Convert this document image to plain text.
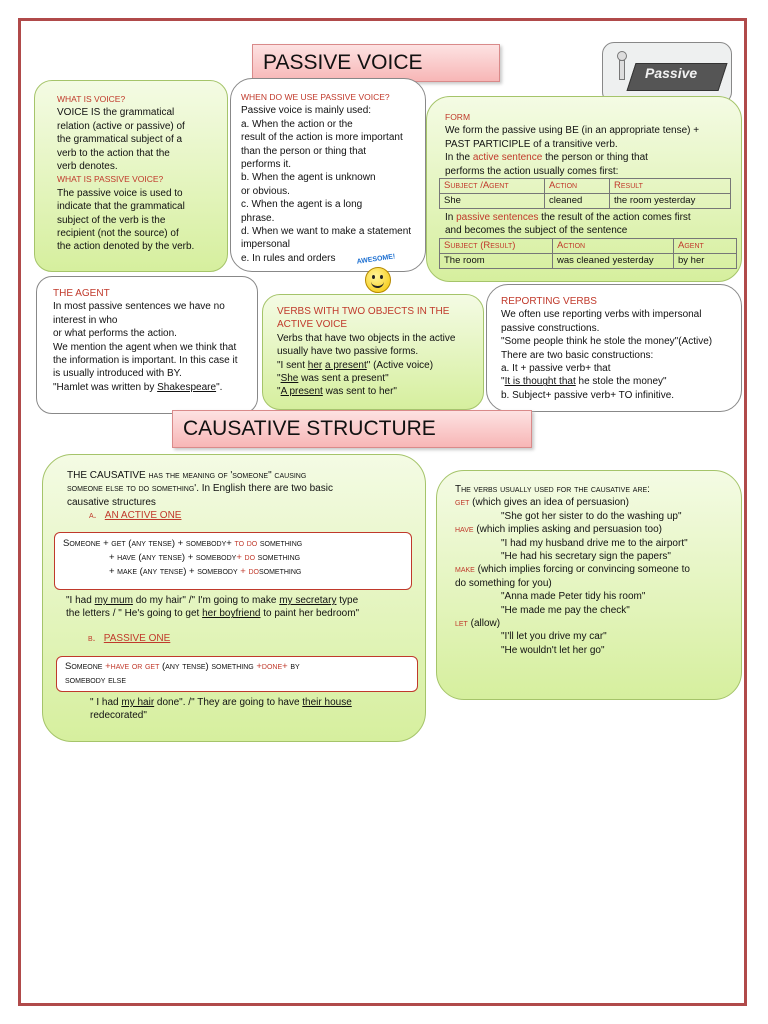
PASSIVE VOICE	Passive
WHAT IS VOICE?
VOICE IS the grammatical
relation (active or passive) of
the grammatical subject of a
verb to the action that the
verb denotes.
WHAT IS PASSIVE VOICE?
The passive voice is used to
indicate that the grammatical
subject of the verb is the
recipient (not the source) of
the action denoted by the verb.
WHEN DO WE USE PASSIVE VOICE?
Passive voice is mainly used:
a. When the action or the
result of the action is more important
than the person or thing that
performs it.
b. When the agent is unknown
or obvious.
c. When the agent is a long
phrase.
d. When we want to make a statement
impersonal
e. In rules and orders	AWESOME!
FORM
We form the passive using BE (in an appropriate tense) +
PAST PARTICIPLE of a transitive verb.
In the active sentence the person or thing that
performs the action usually comes first:
Subject /Agent	Action	Result
She	cleaned	the room yesterday
In passive sentences the result of the action comes first
and becomes the subject of the sentence
Subject (Result)	Action	Agent
The room	was cleaned yesterday	by her
THE AGENT
In most passive sentences we have no
interest in who
or what performs the action.
We mention the agent when we think that
the information is important. In this case it
is usually introduced with BY.
"Hamlet was written by Shakespeare".
VERBS WITH TWO OBJECTS IN THE
ACTIVE VOICE
Verbs that have two objects in the active
usually have two passive forms.
"I sent her a present" (Active voice)
"She was sent a present"
"A present was sent to her"
REPORTING VERBS
We often use reporting verbs with impersonal
passive constructions.
"Some people think he stole the money"(Active)
There are two basic constructions:
a. It + passive verb+ that
"It is thought that he stole the money"
b. Subject+ passive verb+ TO infinitive.
CAUSATIVE STRUCTURE
THE CAUSATIVE has the meaning of 'someone" causing
someone else to do something'. In English there are two basic
causative structures
a. AN ACTIVE ONE
Someone + get (any tense) + somebody+ to do something
+ have (any tense) + somebody+ do something
+ make (any tense) + somebody + dosomething
"I had my mum do my hair" /" I'm going to make my secretary type
the letters / " He's going to get her boyfriend to paint her bedroom"
b. PASSIVE ONE
Someone +have or get (any tense) something +done+ by
somebody else
" I had my hair done". /" They are going to have their house
redecorated"
The verbs usually used for the causative are:
get (which gives an idea of persuasion)
"She got her sister to do the washing up"
have (which implies asking and persuasion too)
"I had my husband drive me to the airport"
"He had his secretary sign the papers"
make (which implies forcing or convincing someone to
do something for you)
"Anna made Peter tidy his room"
"He made me pay the check"
let (allow)
"I'll let you drive my car"
"He wouldn't let her go"
